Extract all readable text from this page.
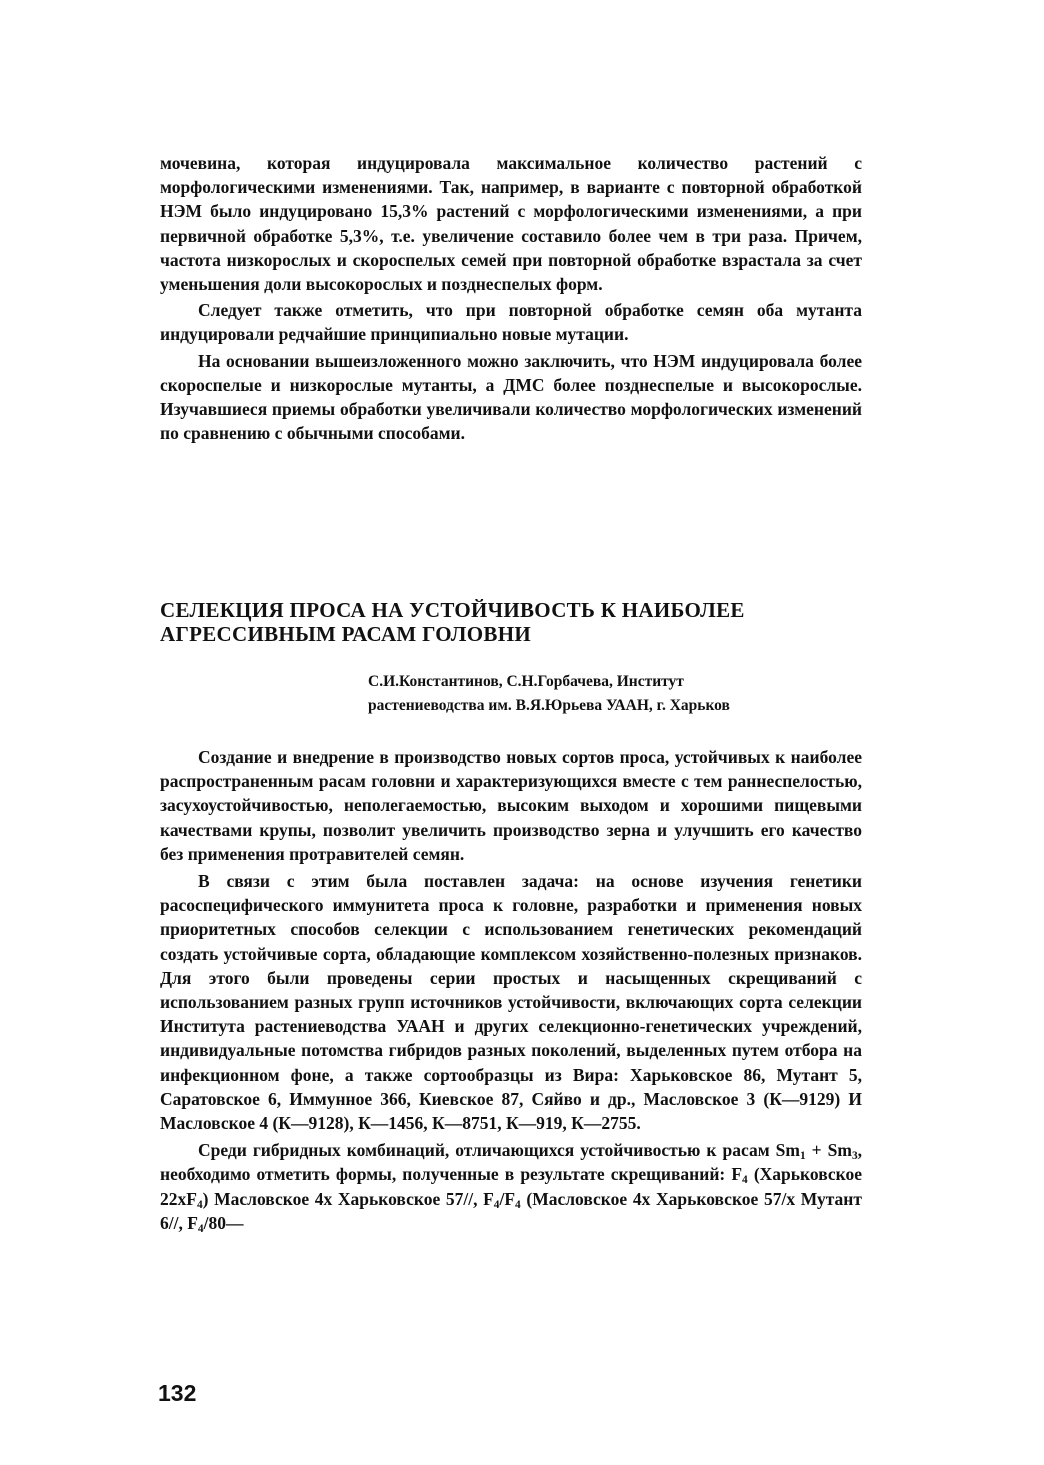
мочевина, которая индуцировала максимальное количество растений с морфологическими изменениями. Так, например, в варианте с повторной обработкой НЭМ было индуцировано 15,3% растений с морфологическими изменениями, а при первичной обработке 5,3%, т.е. увеличение составило более чем в три раза. Причем, частота низкорослых и скороспелых семей при повторной обработке взрастала за счет уменьшения доли высокорослых и позднеспелых форм.

Следует также отметить, что при повторной обработке семян оба мутанта индуцировали редчайшие принципиально новые мутации.

На основании вышеизложенного можно заключить, что НЭМ индуцировала более скороспелые и низкорослые мутанты, а ДМС более позднеспелые и высокорослые. Изучавшиеся приемы обработки увеличивали количество морфологических изменений по сравнению с обычными способами.

СЕЛЕКЦИЯ ПРОСА НА УСТОЙЧИВОСТЬ К НАИБОЛЕЕ АГРЕССИВНЫМ РАСАМ ГОЛОВНИ
С.И.Константинов, С.Н.Горбачева, Институт
растениеводства им. В.Я.Юрьева УААН, г. Харьков

Создание и внедрение в производство новых сортов проса, устойчивых к наиболее распространенным расам головни и характеризующихся вместе с тем раннеспелостью, засухоустойчивостью, неполегаемостью, высоким выходом и хорошими пищевыми качествами крупы, позволит увеличить производство зерна и улучшить его качество без применения протравителей семян.

В связи с этим была поставлен задача: на основе изучения генетики расоспецифического иммунитета проса к головне, разработки и применения новых приоритетных способов селекции с использованием генетических рекомендаций создать устойчивые сорта, обладающие комплексом хозяйственно-полезных признаков. Для этого были проведены серии простых и насыщенных скрещиваний с использованием разных групп источников устойчивости, включающих сорта селекции Института растениеводства УААН и других селекционно-генетических учреждений, индивидуальные потомства гибридов разных поколений, выделенных путем отбора на инфекционном фоне, а также сортообразцы из Вира: Харьковское 86, Мутант 5, Саратовское 6, Иммунное 366, Киевское 87, Сяйво и др., Масловское 3 (К—9129) И Масловское 4 (К—9128), К—1456, К—8751, К—919, К—2755.

Среди гибридных комбинаций, отличающихся устойчивостью к расам $Sm_1 + Sm_3$, необходимо отметить формы, полученные в результате скрещиваний: $F_4$ (Харьковское $22хF_4$) Масловское 4х Харьковское 57//, $F_4/F_4$ (Масловское 4х Харьковское 57/х Мутант 6//, $F_4/80—$

132
